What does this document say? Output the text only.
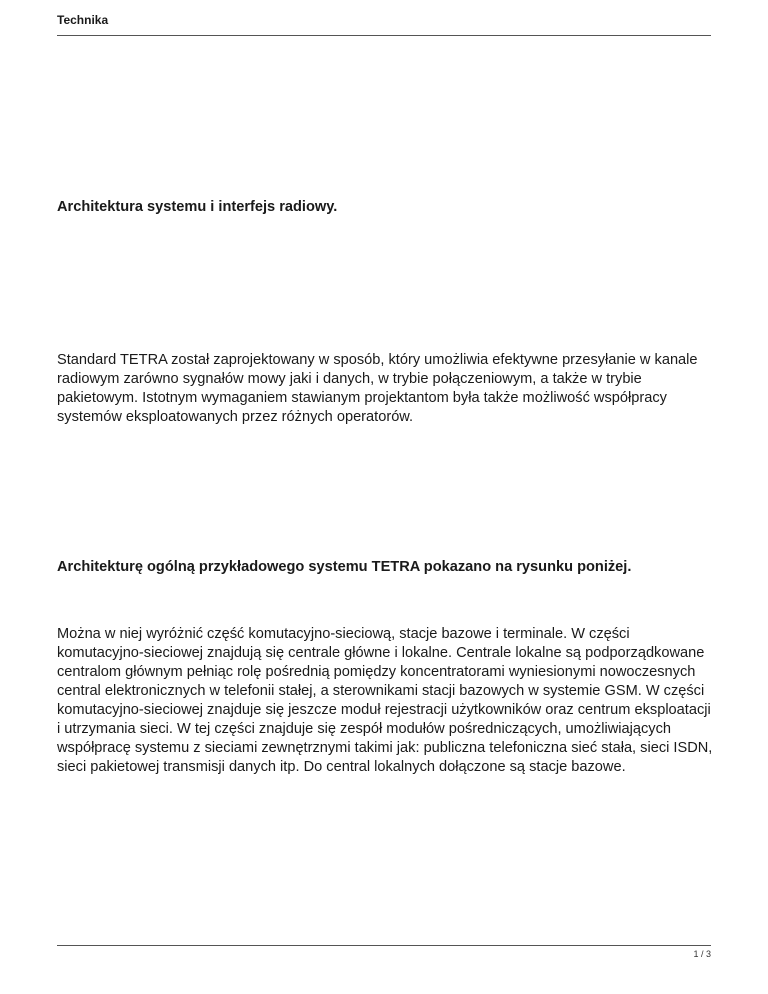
Technika
Architektura systemu i interfejs radiowy.
Standard TETRA został zaprojektowany w sposób, który umożliwia efektywne przesyłanie w kanale radiowym zarówno sygnałów mowy jaki i danych, w trybie połączeniowym, a także w trybie pakietowym. Istotnym wymaganiem stawianym projektantom była także możliwość współpracy systemów eksploatowanych przez różnych operatorów.
Architekturę ogólną przykładowego systemu TETRA pokazano na rysunku poniżej.
Można w niej wyróżnić część komutacyjno-sieciową, stacje bazowe i terminale. W części komutacyjno-sieciowej znajdują się centrale główne i lokalne. Centrale lokalne są podporządkowane centralom głównym pełniąc rolę pośrednią pomiędzy koncentratorami wyniesionymi nowoczesnych central elektronicznych w telefonii stałej, a sterownikami stacji bazowych w systemie GSM. W części komutacyjno-sieciowej znajduje się jeszcze moduł rejestracji użytkowników oraz centrum eksploatacji i utrzymania sieci. W tej części znajduje się zespół modułów pośredniczących, umożliwiających współpracę systemu z sieciami zewnętrznymi takimi jak: publiczna telefoniczna sieć stała, sieci ISDN, sieci pakietowej transmisji danych itp. Do central lokalnych dołączone są stacje bazowe.
1 / 3
